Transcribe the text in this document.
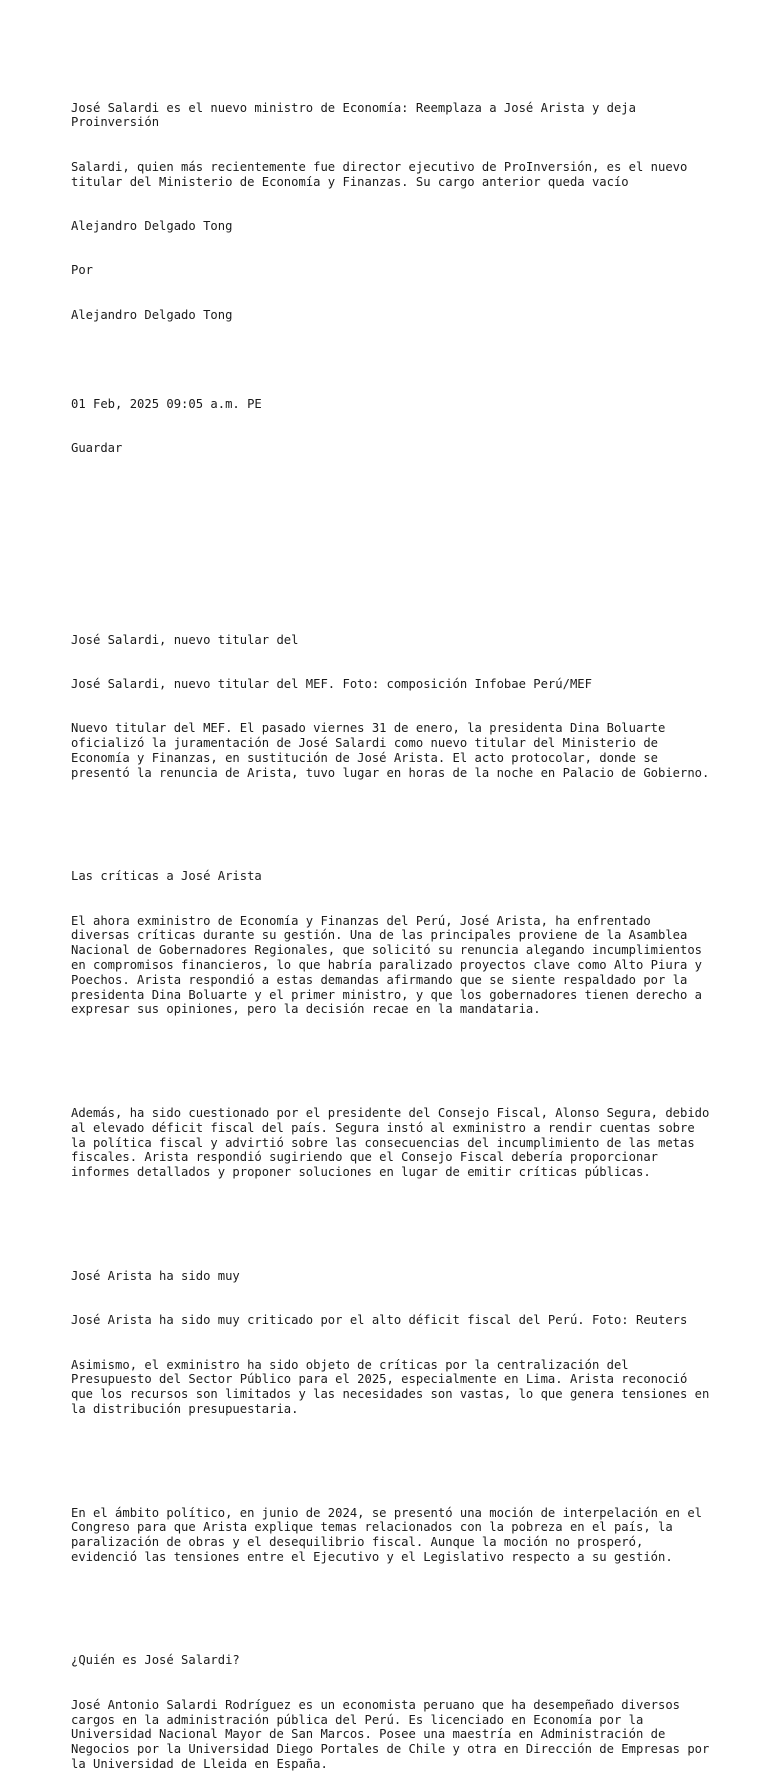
José Salardi es el nuevo ministro de Economía: Reemplaza a José Arista y deja Proinversión

Salardi, quien más recientemente fue director ejecutivo de ProInversión, es el nuevo titular del Ministerio de Economía y Finanzas. Su cargo anterior queda vacío

Alejandro Delgado Tong

Por

Alejandro Delgado Tong

01 Feb, 2025 09:05 a.m. PE

Guardar

José Salardi, nuevo titular del

José Salardi, nuevo titular del MEF. Foto: composición Infobae Perú/MEF

Nuevo titular del MEF. El pasado viernes 31 de enero, la presidenta Dina Boluarte oficializó la juramentación de José Salardi como nuevo titular del Ministerio de Economía y Finanzas, en sustitución de José Arista. El acto protocolar, donde se presentó la renuncia de Arista, tuvo lugar en horas de la noche en Palacio de Gobierno.

Las críticas a José Arista

El ahora exministro de Economía y Finanzas del Perú, José Arista, ha enfrentado diversas críticas durante su gestión. Una de las principales proviene de la Asamblea Nacional de Gobernadores Regionales, que solicitó su renuncia alegando incumplimientos en compromisos financieros, lo que habría paralizado proyectos clave como Alto Piura y Poechos. Arista respondió a estas demandas afirmando que se siente respaldado por la presidenta Dina Boluarte y el primer ministro, y que los gobernadores tienen derecho a expresar sus opiniones, pero la decisión recae en la mandataria.

Además, ha sido cuestionado por el presidente del Consejo Fiscal, Alonso Segura, debido al elevado déficit fiscal del país. Segura instó al exministro a rendir cuentas sobre la política fiscal y advirtió sobre las consecuencias del incumplimiento de las metas fiscales. Arista respondió sugiriendo que el Consejo Fiscal debería proporcionar informes detallados y proponer soluciones en lugar de emitir críticas públicas.

José Arista ha sido muy

José Arista ha sido muy criticado por el alto déficit fiscal del Perú. Foto: Reuters

Asimismo, el exministro ha sido objeto de críticas por la centralización del Presupuesto del Sector Público para el 2025, especialmente en Lima. Arista reconoció que los recursos son limitados y las necesidades son vastas, lo que genera tensiones en la distribución presupuestaria.

En el ámbito político, en junio de 2024, se presentó una moción de interpelación en el Congreso para que Arista explique temas relacionados con la pobreza en el país, la paralización de obras y el desequilibrio fiscal. Aunque la moción no prosperó, evidenció las tensiones entre el Ejecutivo y el Legislativo respecto a su gestión.

¿Quién es José Salardi?

José Antonio Salardi Rodríguez es un economista peruano que ha desempeñado diversos cargos en la administración pública del Perú. Es licenciado en Economía por la Universidad Nacional Mayor de San Marcos. Posee una maestría en Administración de Negocios por la Universidad Diego Portales de Chile y otra en Dirección de Empresas por la Universidad de Lleida en España.
